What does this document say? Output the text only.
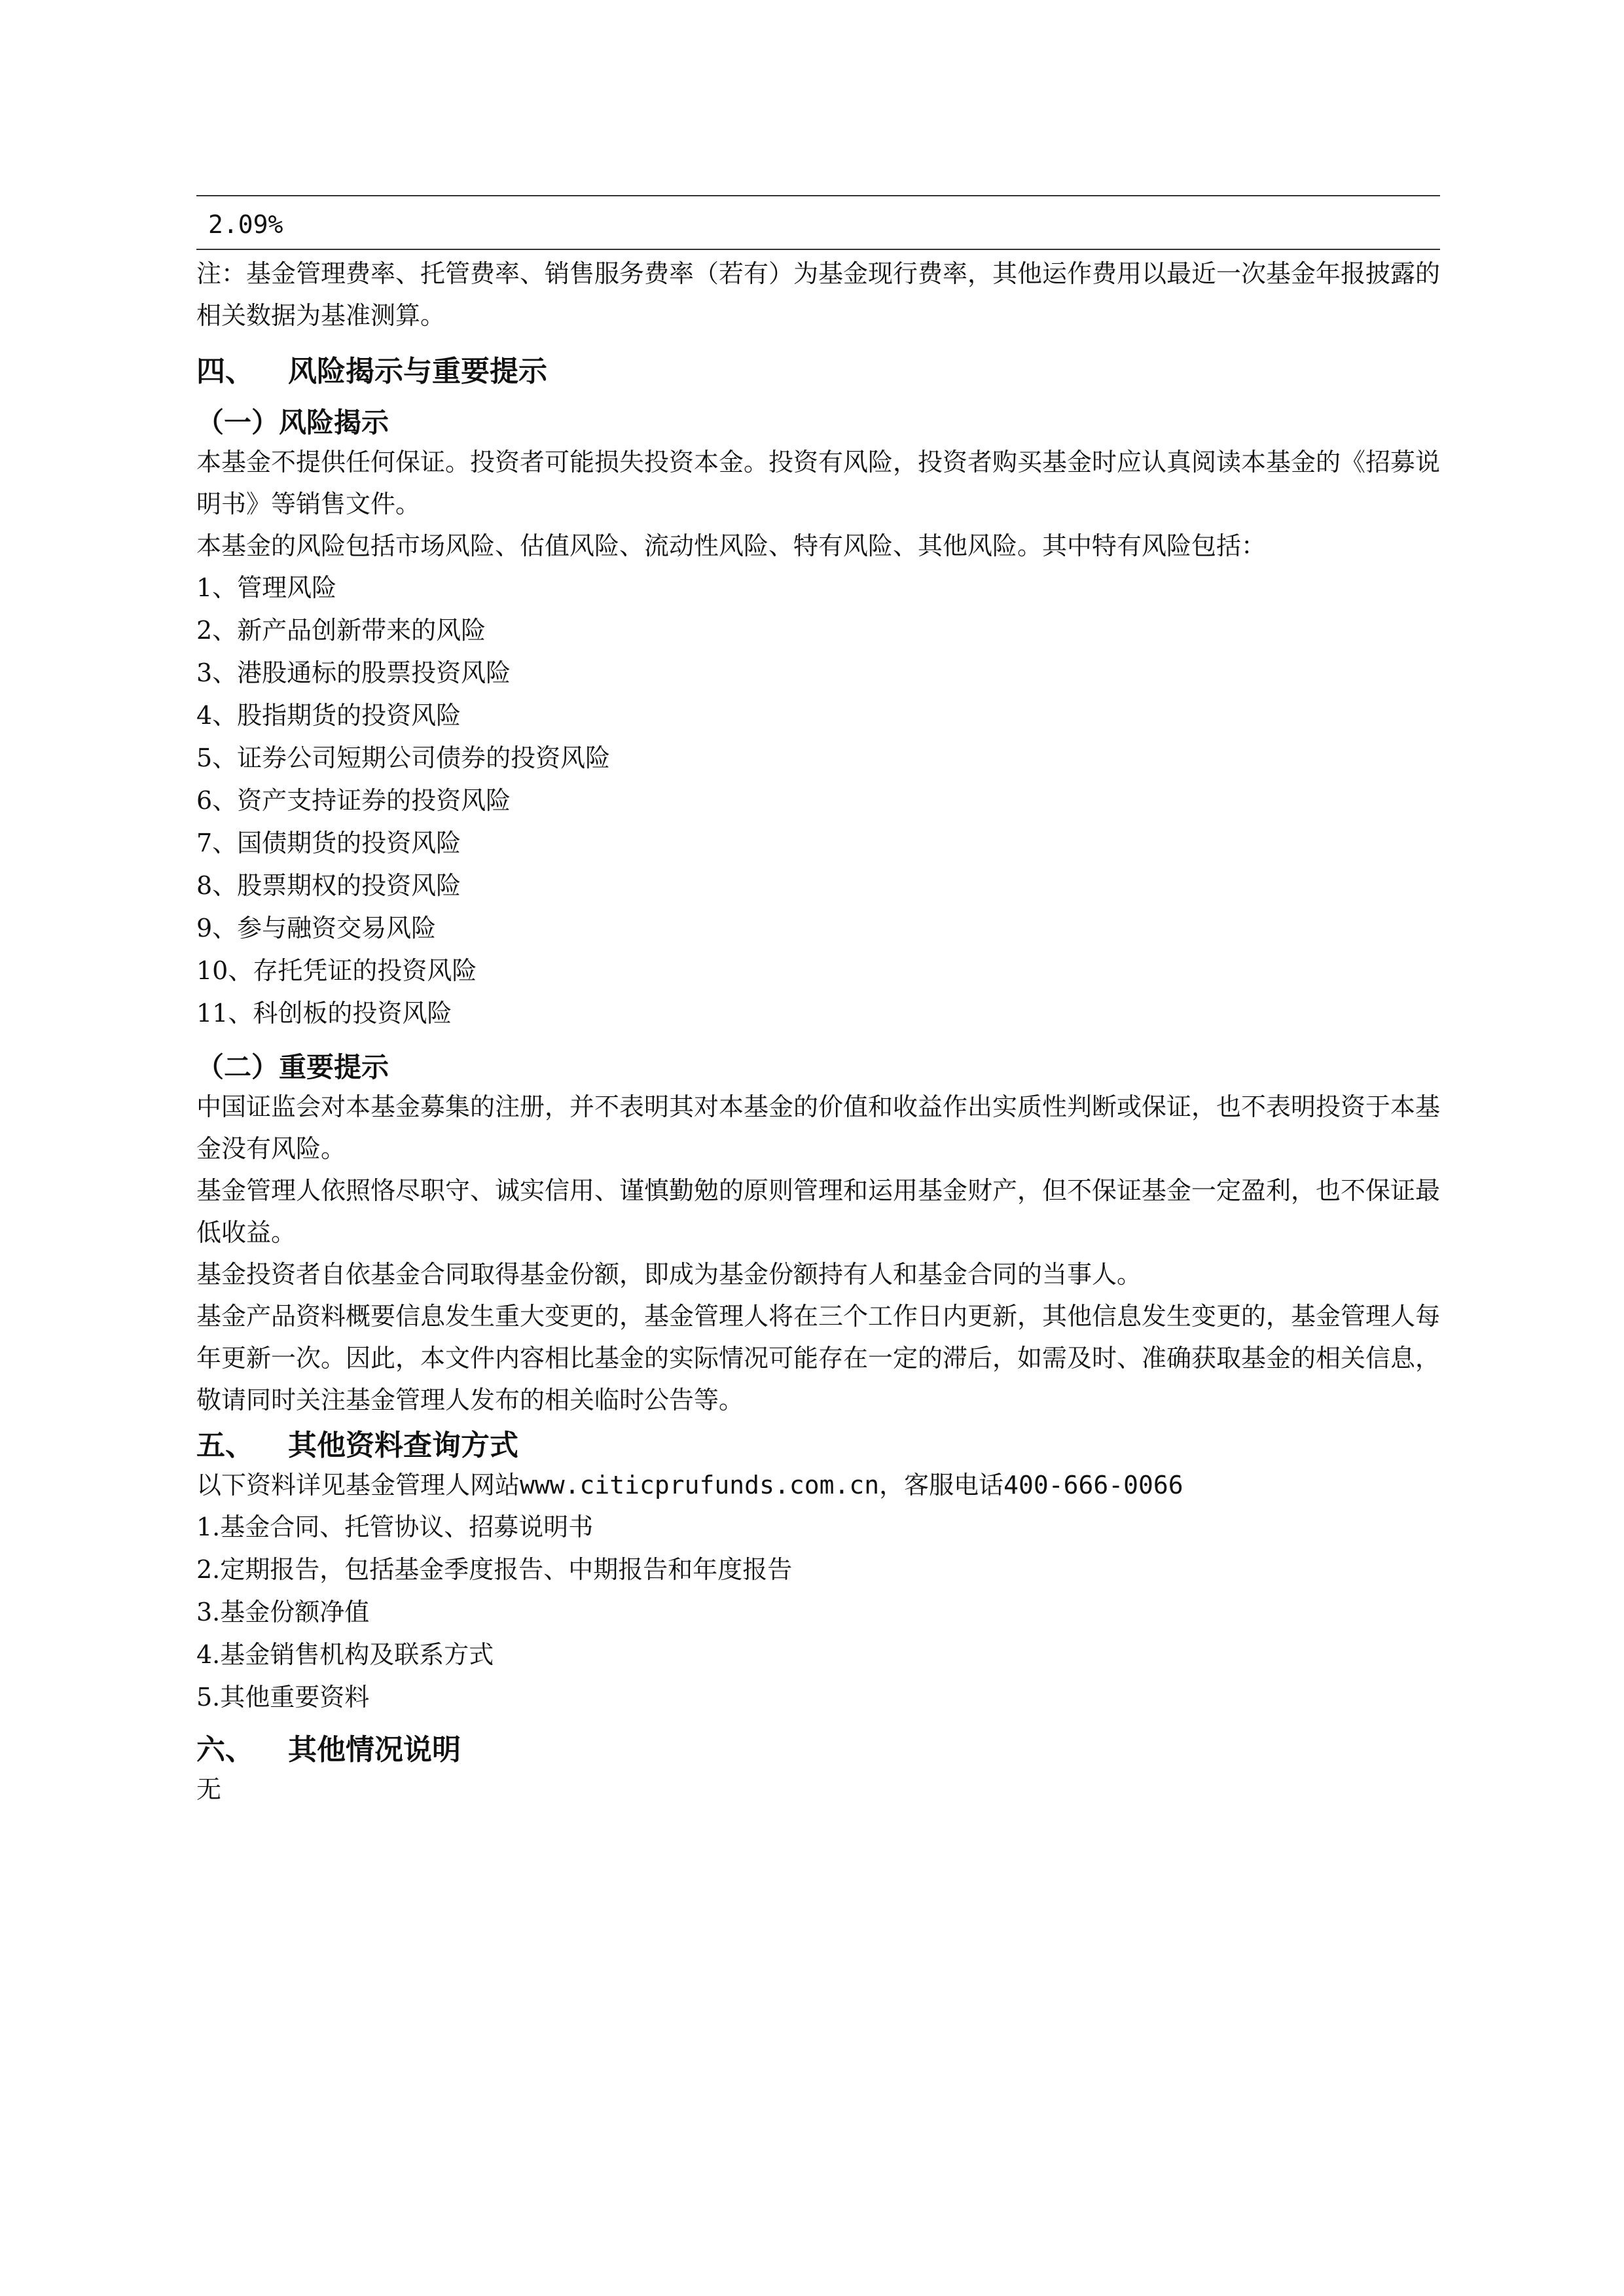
2.09%

注：基金管理费率、托管费率、销售服务费率（若有）为基金现行费率，其他运作费用以最近一次基金年报披露的相关数据为基准测算。

四、 风险揭示与重要提示
（一）风险揭示

本基金不提供任何保证。投资者可能损失投资本金。投资有风险，投资者购买基金时应认真阅读本基金的《招募说明书》等销售文件。

本基金的风险包括市场风险、估值风险、流动性风险、特有风险、其他风险。其中特有风险包括：

1、管理风险
2、新产品创新带来的风险
3、港股通标的股票投资风险
4、股指期货的投资风险
5、证券公司短期公司债券的投资风险
6、资产支持证券的投资风险
7、国债期货的投资风险
8、股票期权的投资风险
9、参与融资交易风险
10、存托凭证的投资风险
11、科创板的投资风险
（二）重要提示

中国证监会对本基金募集的注册，并不表明其对本基金的价值和收益作出实质性判断或保证，也不表明投资于本基金没有风险。

基金管理人依照恪尽职守、诚实信用、谨慎勤勉的原则管理和运用基金财产，但不保证基金一定盈利，也不保证最低收益。

基金投资者自依基金合同取得基金份额，即成为基金份额持有人和基金合同的当事人。

基金产品资料概要信息发生重大变更的，基金管理人将在三个工作日内更新，其他信息发生变更的，基金管理人每年更新一次。因此，本文件内容相比基金的实际情况可能存在一定的滞后，如需及时、准确获取基金的相关信息，敬请同时关注基金管理人发布的相关临时公告等。

五、 其他资料查询方式

以下资料详见基金管理人网站www.citicprufunds.com.cn，客服电话400-666-0066

1.基金合同、托管协议、招募说明书
2.定期报告，包括基金季度报告、中期报告和年度报告
3.基金份额净值
4.基金销售机构及联系方式
5.其他重要资料
六、 其他情况说明

无
